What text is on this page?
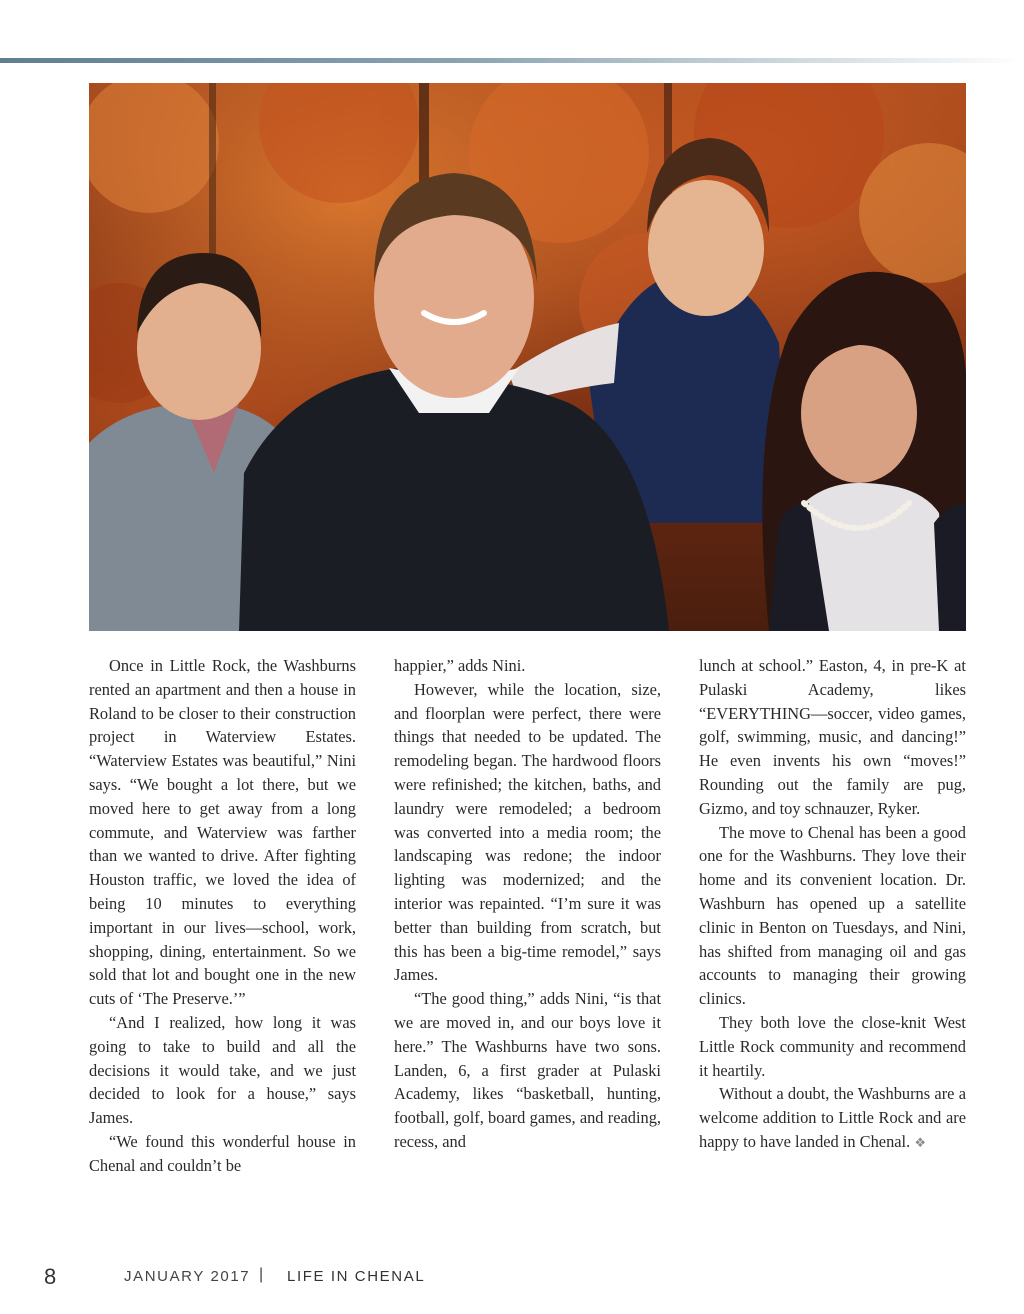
Once in Little Rock, the Washburns rented an apartment and then a house in Roland to be closer to their construction project in Waterview Estates. “Waterview Estates was beautiful,” Nini says. “We bought a lot there, but we moved here to get away from a long commute, and Waterview was farther than we wanted to drive. After fighting Houston traffic, we loved the idea of being 10 minutes to everything important in our lives—school, work, shopping, dining, entertainment. So we sold that lot and bought one in the new cuts of ‘The Preserve.’”

“And I realized, how long it was going to take to build and all the decisions it would take, and we just decided to look for a house,” says James.

“We found this wonderful house in Chenal and couldn’t be

happier,” adds Nini.

However, while the location, size, and floorplan were perfect, there were things that needed to be updated. The remodeling began. The hardwood floors were refinished; the kitchen, baths, and laundry were remodeled; a bedroom was converted into a media room; the landscaping was redone; the indoor lighting was modernized; and the interior was repainted. “I’m sure it was better than building from scratch, but this has been a big-time remodel,” says James.

“The good thing,” adds Nini, “is that we are moved in, and our boys love it here.” The Washburns have two sons. Landen, 6, a first grader at Pulaski Academy, likes “basketball, hunting, football, golf, board games, and reading, recess, and

lunch at school.” Easton, 4, in pre-K at Pulaski Academy, likes “EVERYTHING—soccer, video games, golf, swimming, music, and dancing!” He even invents his own “moves!” Rounding out the family are pug, Gizmo, and toy schnauzer, Ryker.

The move to Chenal has been a good one for the Washburns. They love their home and its convenient location. Dr. Washburn has opened up a satellite clinic in Benton on Tuesdays, and Nini, has shifted from managing oil and gas accounts to managing their growing clinics.

They both love the close-knit West Little Rock community and recommend it heartily.

Without a doubt, the Washburns are a welcome addition to Little Rock and are happy to have landed in Chenal. ❖

8	JANUARY 2017 | LIFE IN CHENAL
